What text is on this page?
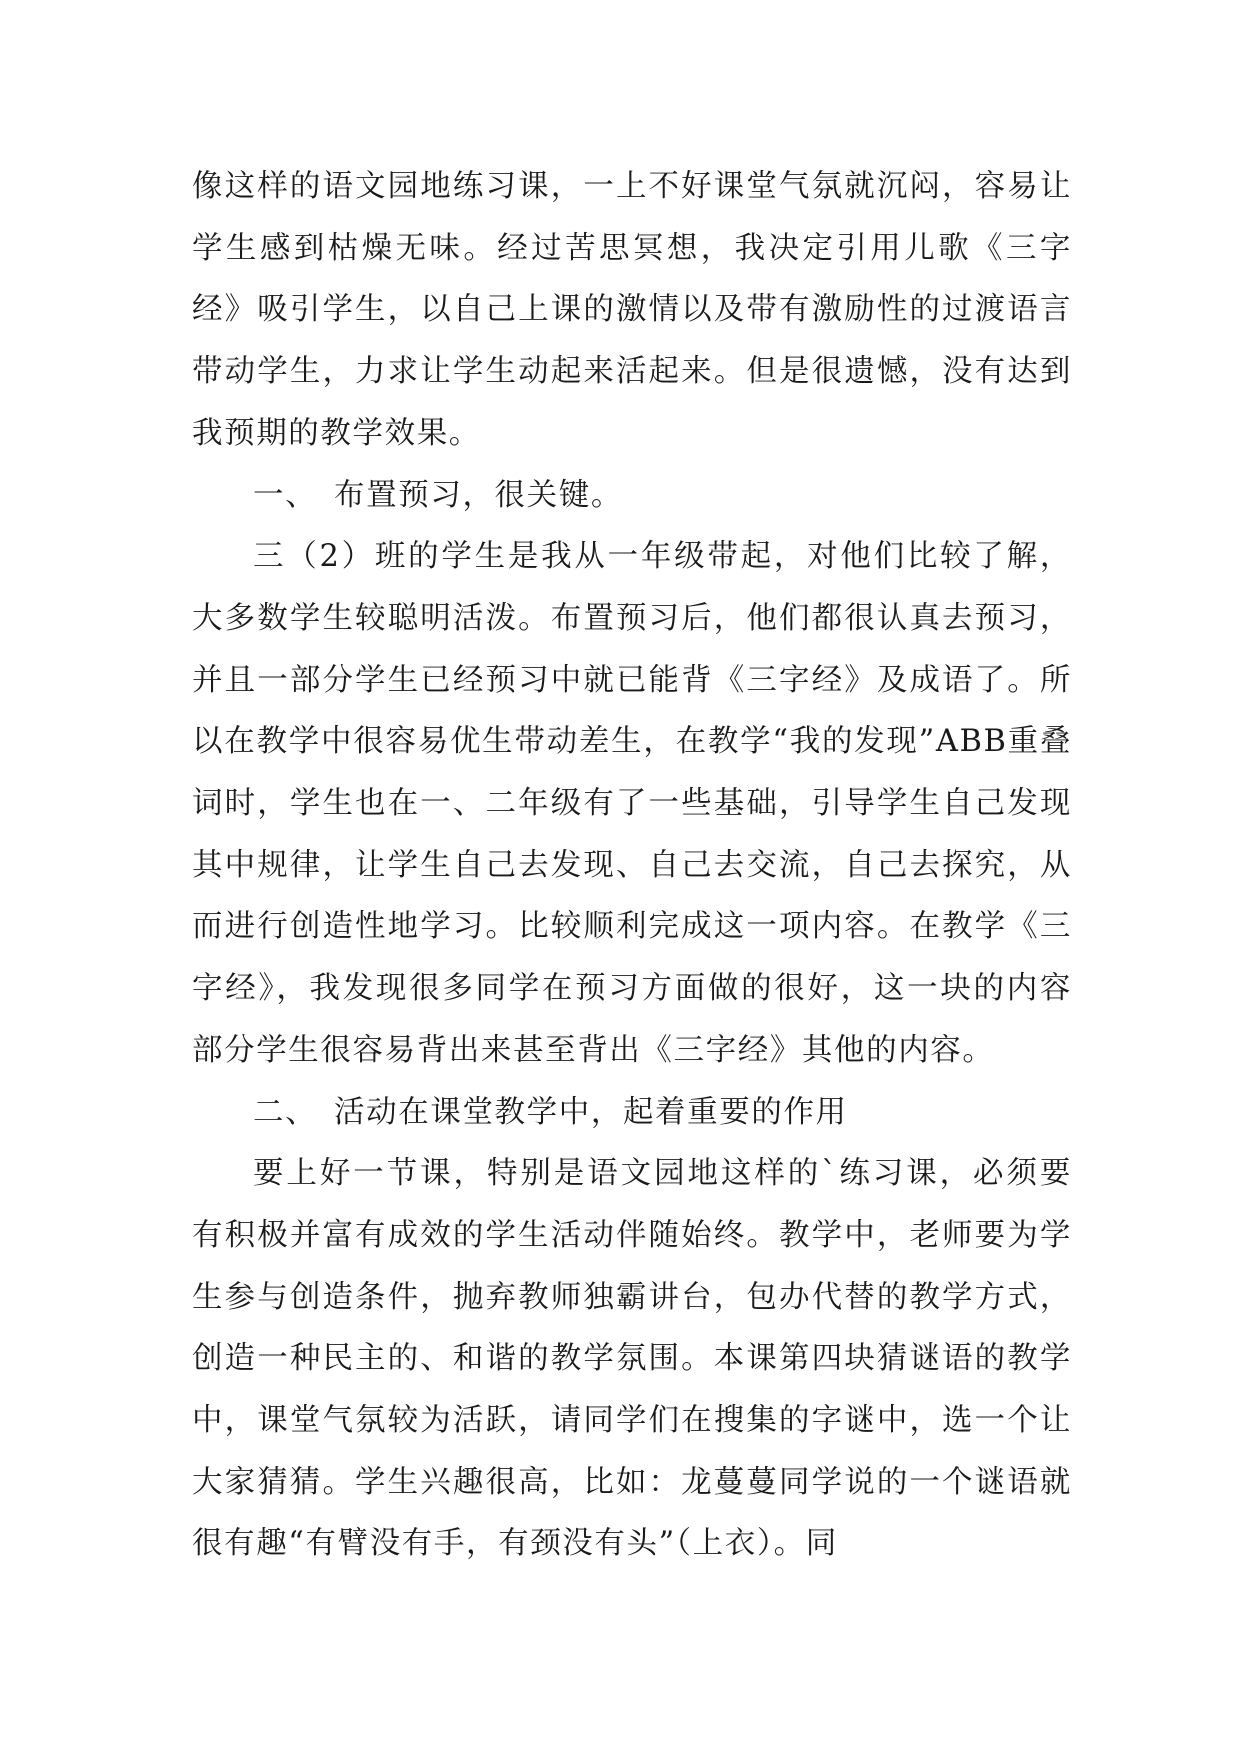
像这样的语文园地练习课，一上不好课堂气氛就沉闷，容易让学生感到枯燥无味。经过苦思冥想，我决定引用儿歌《三字经》吸引学生，以自己上课的激情以及带有激励性的过渡语言带动学生，力求让学生动起来活起来。但是很遗憾，没有达到我预期的教学效果。

一、　布置预习，很关键。

三（2）班的学生是我从一年级带起，对他们比较了解，大多数学生较聪明活泼。布置预习后，他们都很认真去预习，并且一部分学生已经预习中就已能背《三字经》及成语了。所以在教学中很容易优生带动差生，在教学“我的发现”ABB重叠词时，学生也在一、二年级有了一些基础，引导学生自己发现其中规律，让学生自己去发现、自己去交流，自己去探究，从而进行创造性地学习。比较顺利完成这一项内容。在教学《三字经》，我发现很多同学在预习方面做的很好，这一块的内容部分学生很容易背出来甚至背出《三字经》其他的内容。

二、　活动在课堂教学中，起着重要的作用

要上好一节课，特别是语文园地这样的`练习课，必须要有积极并富有成效的学生活动伴随始终。教学中，老师要为学生参与创造条件，抛弃教师独霸讲台，包办代替的教学方式，创造一种民主的、和谐的教学氛围。本课第四块猜谜语的教学中，课堂气氛较为活跃，请同学们在搜集的字谜中，选一个让大家猜猜。学生兴趣很高，比如：龙蔓蔓同学说的一个谜语就很有趣“有臂没有手，有颈没有头”（上衣）。同
